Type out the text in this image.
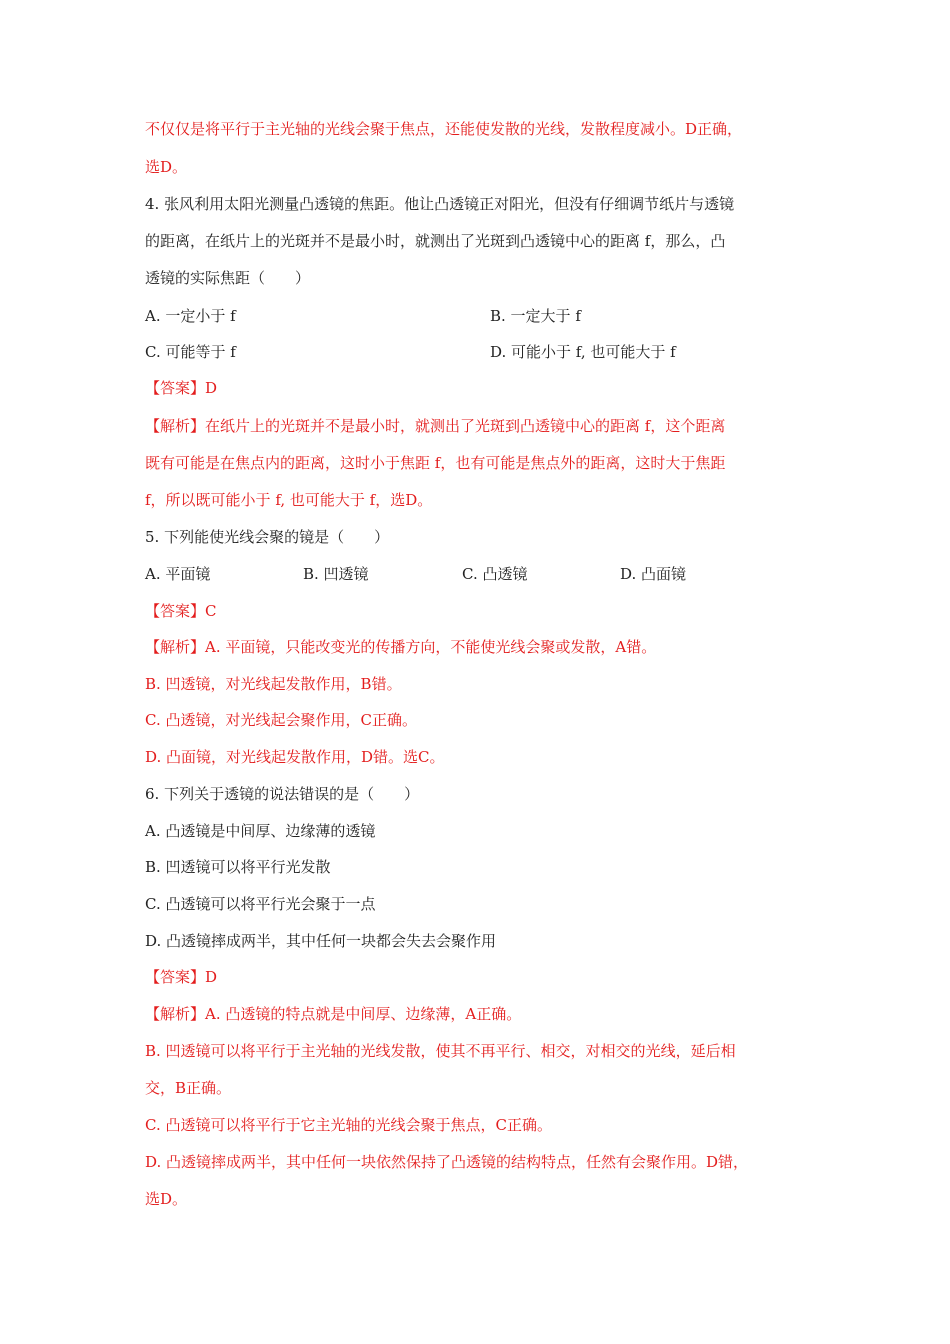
不仅仅是将平行于主光轴的光线会聚于焦点，还能使发散的光线，发散程度减小。D正确，
选D。
4. 张风利用太阳光测量凸透镜的焦距。他让凸透镜正对阳光，但没有仔细调节纸片与透镜
的距离，在纸片上的光斑并不是最小时，就测出了光斑到凸透镜中心的距离 f，那么，凸
透镜的实际焦距（　　）
A. 一定小于 f	B. 一定大于 f
C. 可能等于 f	D. 可能小于 f, 也可能大于 f
【答案】D
【解析】在纸片上的光斑并不是最小时，就测出了光斑到凸透镜中心的距离 f，这个距离
既有可能是在焦点内的距离，这时小于焦距 f，也有可能是焦点外的距离，这时大于焦距
f，所以既可能小于 f, 也可能大于 f，选D。
5. 下列能使光线会聚的镜是（　　）
A. 平面镜	B. 凹透镜	C. 凸透镜	D. 凸面镜
【答案】C
【解析】A. 平面镜，只能改变光的传播方向，不能使光线会聚或发散，A错。
B. 凹透镜，对光线起发散作用，B错。
C. 凸透镜，对光线起会聚作用，C正确。
D. 凸面镜，对光线起发散作用，D错。选C。
6. 下列关于透镜的说法错误的是（　　）
A. 凸透镜是中间厚、边缘薄的透镜
B. 凹透镜可以将平行光发散
C. 凸透镜可以将平行光会聚于一点
D. 凸透镜摔成两半，其中任何一块都会失去会聚作用
【答案】D
【解析】A. 凸透镜的特点就是中间厚、边缘薄，A正确。
B. 凹透镜可以将平行于主光轴的光线发散，使其不再平行、相交，对相交的光线，延后相
交，B正确。
C. 凸透镜可以将平行于它主光轴的光线会聚于焦点，C正确。
D. 凸透镜摔成两半，其中任何一块依然保持了凸透镜的结构特点，任然有会聚作用。D错，
选D。
